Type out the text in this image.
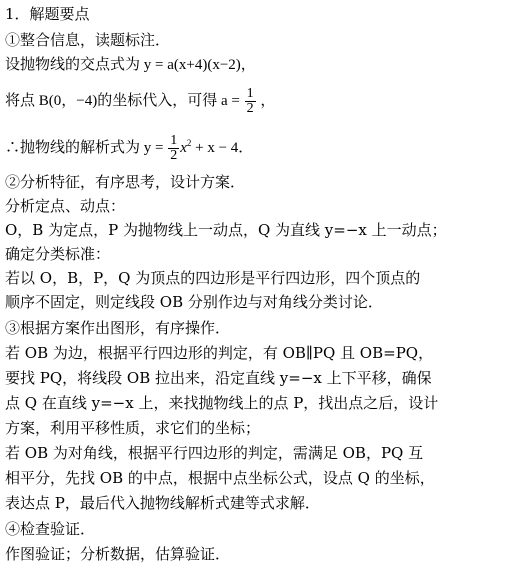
1．解题要点
①整合信息，读题标注．
设抛物线的交点式为 y = a(x+4)(x−2)，
将点 B(0，−4)的坐标代入，可得 $a = \frac{1}{2}$ ，
∴抛物线的解析式为 $y = \frac{1}{2} x^2 + x - 4$．
②分析特征，有序思考，设计方案．
分析定点、动点：
O，B 为定点，P 为抛物线上一动点，Q 为直线 y=−x 上一动点；
确定分类标准：
若以 O，B，P，Q 为顶点的四边形是平行四边形，四个顶点的
顺序不固定，则定线段 OB 分别作边与对角线分类讨论．
③根据方案作出图形，有序操作．
若 OB 为边，根据平行四边形的判定，有 OB∥PQ 且 OB=PQ，
要找 PQ，将线段 OB 拉出来，沿定直线 y=−x 上下平移，确保
点 Q 在直线 y=−x 上，来找抛物线上的点 P，找出点之后，设计
方案，利用平移性质，求它们的坐标；
若 OB 为对角线，根据平行四边形的判定，需满足 OB，PQ 互
相平分，先找 OB 的中点，根据中点坐标公式，设点 Q 的坐标，
表达点 P，最后代入抛物线解析式建等式求解．
④检查验证．
作图验证；分析数据，估算验证．
